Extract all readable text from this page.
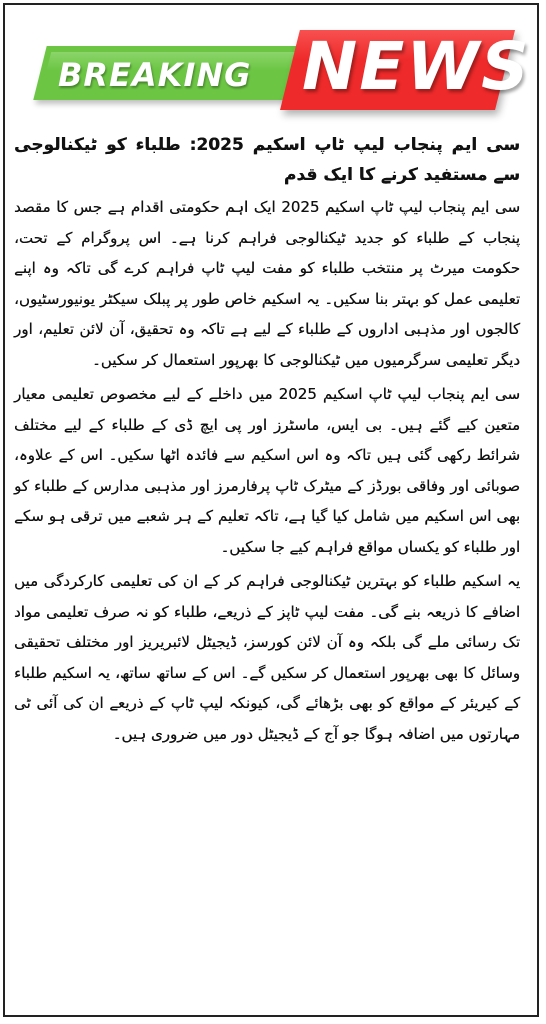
BREAKING NEWS
سی ایم پنجاب لیپ ٹاپ اسکیم 2025: طلباء کو ٹیکنالوجی سے مستفید کرنے کا ایک قدم

سی ایم پنجاب لیپ ٹاپ اسکیم 2025 ایک اہم حکومتی اقدام ہے جس کا مقصد پنجاب کے طلباء کو جدید ٹیکنالوجی فراہم کرنا ہے۔ اس پروگرام کے تحت، حکومت میرٹ پر منتخب طلباء کو مفت لیپ ٹاپ فراہم کرے گی تاکہ وہ اپنے تعلیمی عمل کو بہتر بنا سکیں۔ یہ اسکیم خاص طور پر پبلک سیکٹر یونیورسٹیوں، کالجوں اور مذہبی اداروں کے طلباء کے لیے ہے تاکہ وہ تحقیق، آن لائن تعلیم، اور دیگر تعلیمی سرگرمیوں میں ٹیکنالوجی کا بھرپور استعمال کر سکیں۔

سی ایم پنجاب لیپ ٹاپ اسکیم 2025 میں داخلے کے لیے مخصوص تعلیمی معیار متعین کیے گئے ہیں۔ بی ایس، ماسٹرز اور پی ایچ ڈی کے طلباء کے لیے مختلف شرائط رکھی گئی ہیں تاکہ وہ اس اسکیم سے فائدہ اٹھا سکیں۔ اس کے علاوہ، صوبائی اور وفاقی بورڈز کے میٹرک ٹاپ پرفارمرز اور مذہبی مدارس کے طلباء کو بھی اس اسکیم میں شامل کیا گیا ہے، تاکہ تعلیم کے ہر شعبے میں ترقی ہو سکے اور طلباء کو یکساں مواقع فراہم کیے جا سکیں۔

یہ اسکیم طلباء کو بہترین ٹیکنالوجی فراہم کر کے ان کی تعلیمی کارکردگی میں اضافے کا ذریعہ بنے گی۔ مفت لیپ ٹاپز کے ذریعے، طلباء کو نہ صرف تعلیمی مواد تک رسائی ملے گی بلکہ وہ آن لائن کورسز، ڈیجیٹل لائبریریز اور مختلف تحقیقی وسائل کا بھی بھرپور استعمال کر سکیں گے۔ اس کے ساتھ ساتھ، یہ اسکیم طلباء کے کیریئر کے مواقع کو بھی بڑھائے گی، کیونکہ لیپ ٹاپ کے ذریعے ان کی آئی ٹی مہارتوں میں اضافہ ہوگا جو آج کے ڈیجیٹل دور میں ضروری ہیں۔
